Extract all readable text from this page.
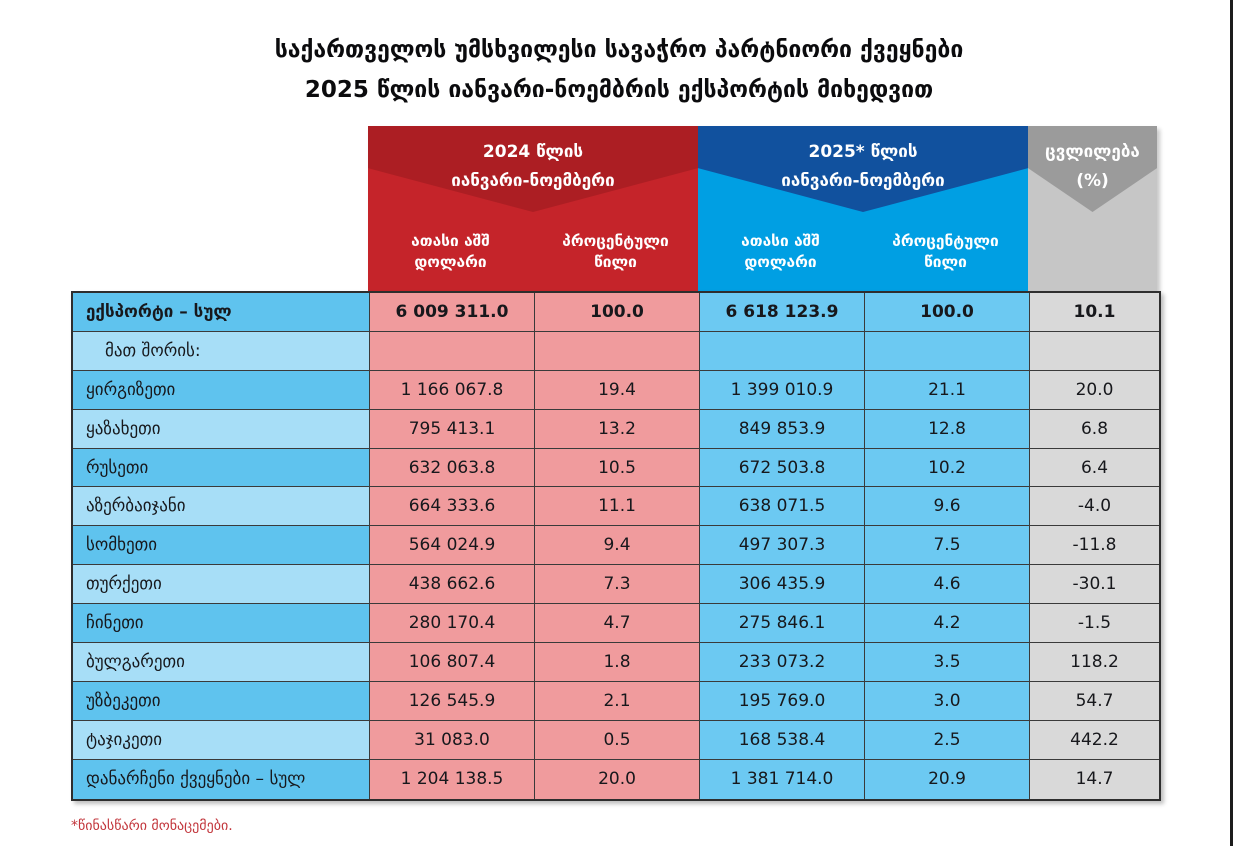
საქართველოს უმსხვილესი სავაჭრო პარტნიორი ქვეყნები
2025 წლის იანვარი-ნოემბრის ექსპორტის მიხედვით
2024 წლის
იანვარი-ნოემბერი
ათასი აშშ დოლარი
პროცენტული წილი
2025* წლის
იანვარი-ნოემბერი
ათასი აშშ დოლარი
პროცენტული წილი
ცვლილება
(%)
ექსპორტი – სულ	6 009 311.0	100.0	6 618 123.9	100.0	10.1
მათ შორის:
ყირგიზეთი	1 166 067.8	19.4	1 399 010.9	21.1	20.0
ყაზახეთი	795 413.1	13.2	849 853.9	12.8	6.8
რუსეთი	632 063.8	10.5	672 503.8	10.2	6.4
აზერბაიჯანი	664 333.6	11.1	638 071.5	9.6	-4.0
სომხეთი	564 024.9	9.4	497 307.3	7.5	-11.8
თურქეთი	438 662.6	7.3	306 435.9	4.6	-30.1
ჩინეთი	280 170.4	4.7	275 846.1	4.2	-1.5
ბულგარეთი	106 807.4	1.8	233 073.2	3.5	118.2
უზბეკეთი	126 545.9	2.1	195 769.0	3.0	54.7
ტაჯიკეთი	31 083.0	0.5	168 538.4	2.5	442.2
დანარჩენი ქვეყნები – სულ	1 204 138.5	20.0	1 381 714.0	20.9	14.7
*წინასწარი მონაცემები.
